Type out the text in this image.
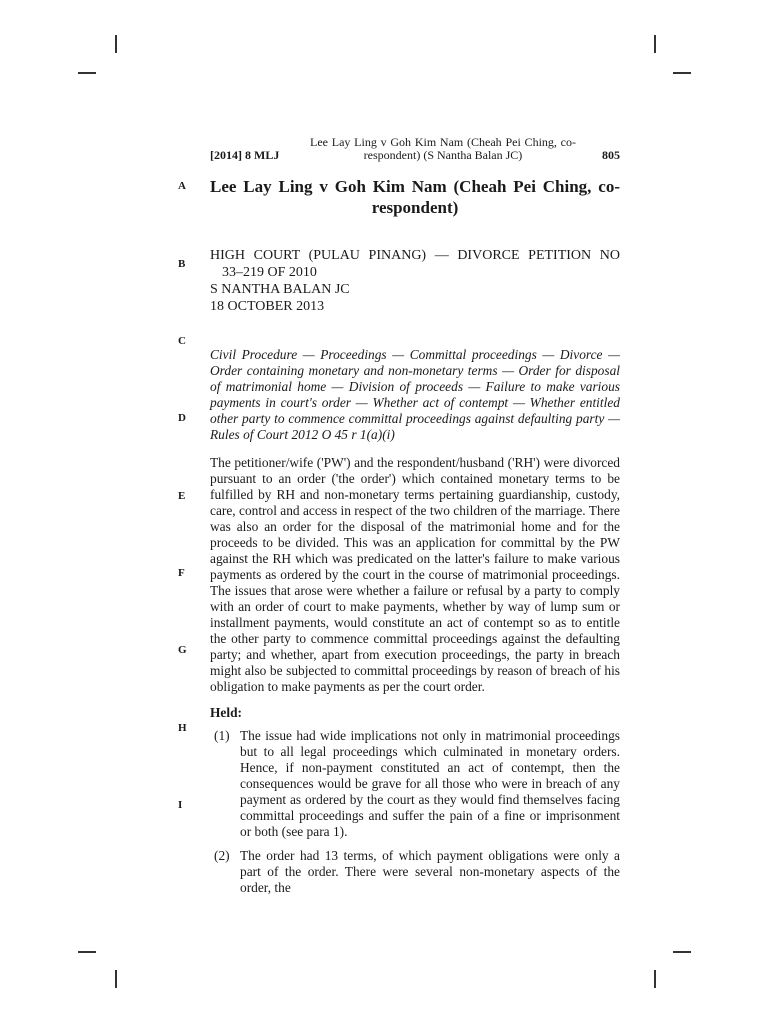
[2014] 8 MLJ
Lee Lay Ling v Goh Kim Nam (Cheah Pei Ching, co-respondent) (S Nantha Balan JC)	805
A
B
C
D
E
F
G
H
I
Lee Lay Ling v Goh Kim Nam (Cheah Pei Ching, co-respondent)
HIGH COURT (PULAU PINANG) — DIVORCE PETITION NO
33–219 OF 2010
S NANTHA BALAN JC
18 OCTOBER 2013
Civil Procedure — Proceedings — Committal proceedings — Divorce — Order containing monetary and non-monetary terms — Order for disposal of matrimonial home — Division of proceeds — Failure to make various payments in court's order — Whether act of contempt — Whether entitled other party to commence committal proceedings against defaulting party — Rules of Court 2012 O 45 r 1(a)(i)
The petitioner/wife ('PW') and the respondent/husband ('RH') were divorced pursuant to an order ('the order') which contained monetary terms to be fulfilled by RH and non-monetary terms pertaining guardianship, custody, care, control and access in respect of the two children of the marriage. There was also an order for the disposal of the matrimonial home and for the proceeds to be divided. This was an application for committal by the PW against the RH which was predicated on the latter's failure to make various payments as ordered by the court in the course of matrimonial proceedings. The issues that arose were whether a failure or refusal by a party to comply with an order of court to make payments, whether by way of lump sum or installment payments, would constitute an act of contempt so as to entitle the other party to commence committal proceedings against the defaulting party; and whether, apart from execution proceedings, the party in breach might also be subjected to committal proceedings by reason of breach of his obligation to make payments as per the court order.
Held:
(1) The issue had wide implications not only in matrimonial proceedings but to all legal proceedings which culminated in monetary orders. Hence, if non-payment constituted an act of contempt, then the consequences would be grave for all those who were in breach of any payment as ordered by the court as they would find themselves facing committal proceedings and suffer the pain of a fine or imprisonment or both (see para 1).
(2) The order had 13 terms, of which payment obligations were only a part of the order. There were several non-monetary aspects of the order, the
